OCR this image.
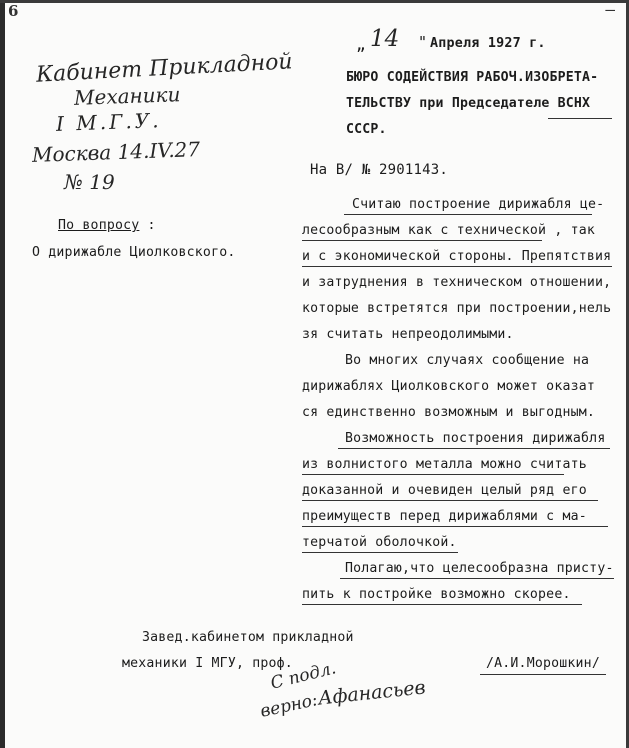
6	—
Кабинет Прикладной
Механики
I М.Г.У.
Москва 14.IV.27
№ 19
„ 14 " Апреля 1927 г.
БЮРО СОДЕЙСТВИЯ РАБОЧ.ИЗОБРЕТА-
ТЕЛЬСТВУ при Председателе ВСНХ
СССР.
На В/ № 2901143.
По вопросу :
О дирижабле Циолковского.
Считаю построение дирижабля це-
лесообразным как с технической , так
и с экономической стороны. Препятствия
и затруднения в техническом отношении,
которые встретятся при построении,нель
зя считать непреодолимыми.
Во многих случаях сообщение на
дирижаблях Циолковского может оказат
ся единственно возможным и выгодным.
Возможность построения дирижабля
из волнистого металла можно считать
доказанной и очевиден целый ряд его
преимуществ перед дирижаблями с ма-
терчатой оболочкой.
Полагаю,что целесообразна присту-
пить к постройке возможно скорее.
Завед.кабинетом прикладной
механики I МГУ, проф.	/А.И.Морошкин/
С подл.
верно:
Афанасьев
